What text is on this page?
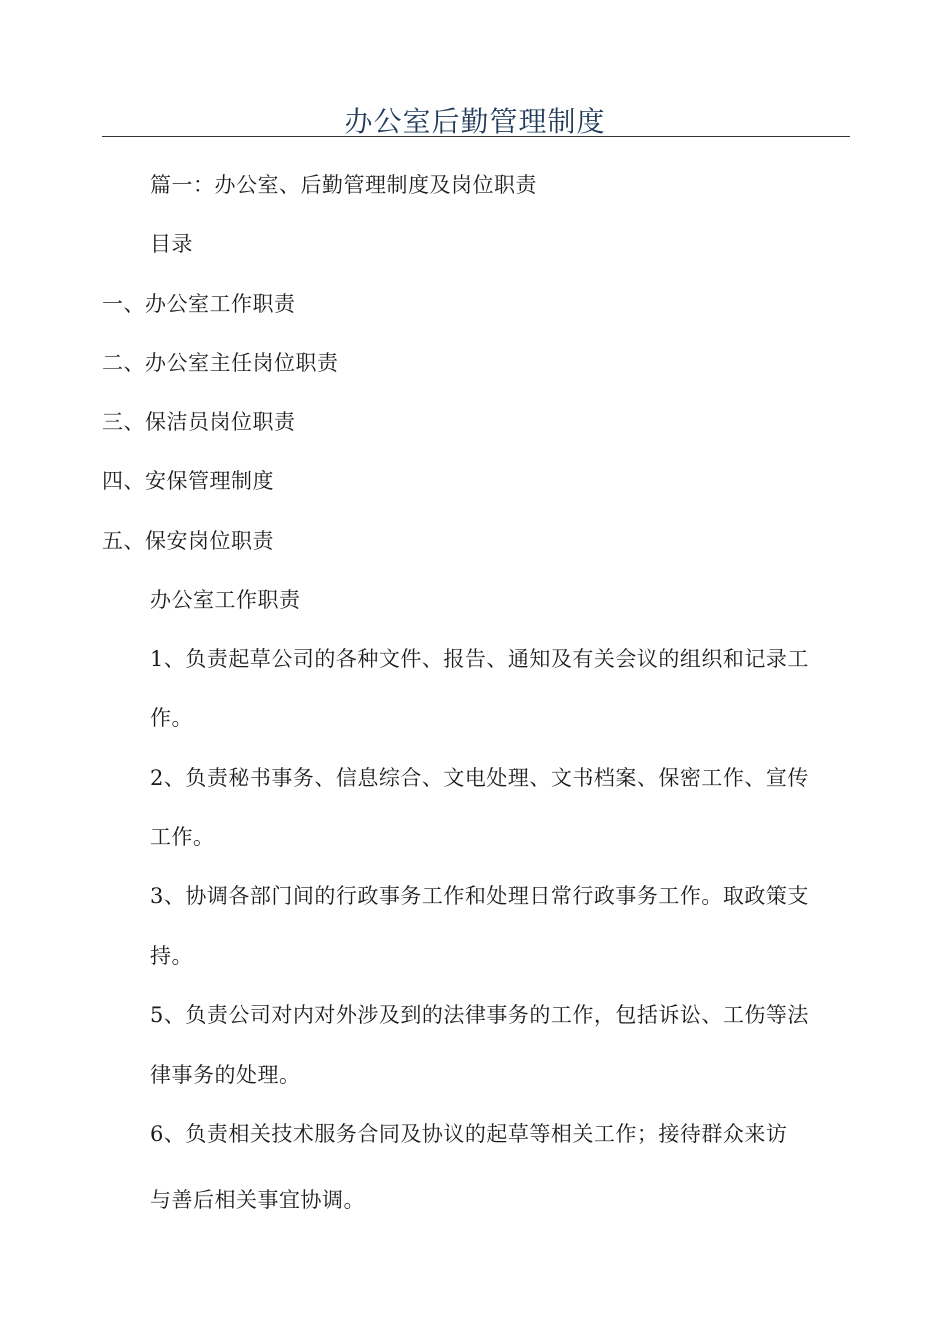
办公室后勤管理制度
篇一：办公室、后勤管理制度及岗位职责
目录
一、办公室工作职责
二、办公室主任岗位职责
三、保洁员岗位职责
四、安保管理制度
五、保安岗位职责
办公室工作职责
1、负责起草公司的各种文件、报告、通知及有关会议的组织和记录工
作。
2、负责秘书事务、信息综合、文电处理、文书档案、保密工作、宣传
工作。
3、协调各部门间的行政事务工作和处理日常行政事务工作。取政策支
持。
5、负责公司对内对外涉及到的法律事务的工作，包括诉讼、工伤等法
律事务的处理。
6、负责相关技术服务合同及协议的起草等相关工作；接待群众来访
与善后相关事宜协调。
